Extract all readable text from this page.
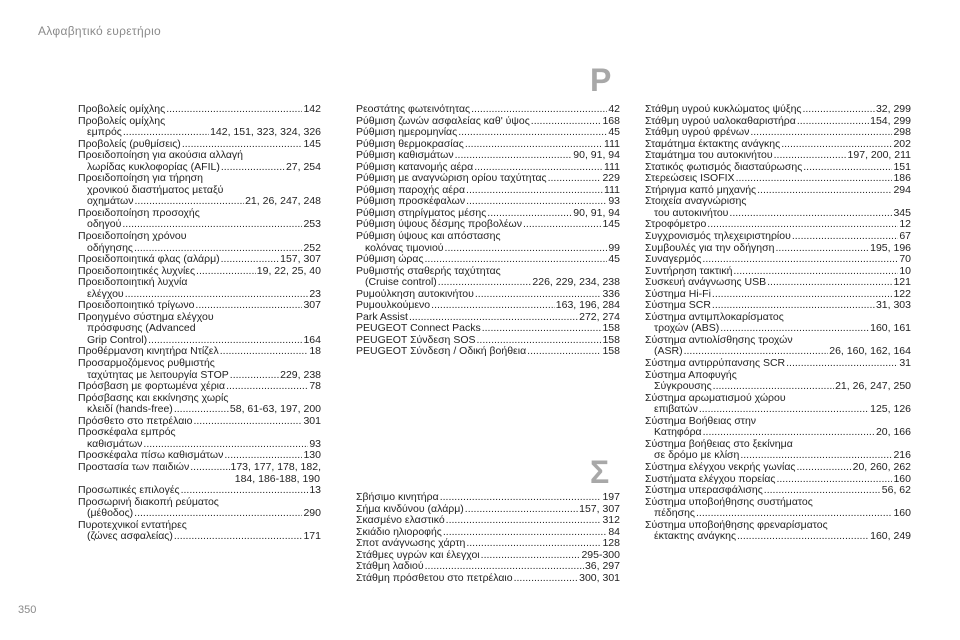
Αλφαβητικό ευρετήριο
P
Σ
Προβολείς ομίχλης .....	142
Προβολείς ομίχλης
εμπρός .....	142, 151, 323, 324, 326
Προβολείς (ρυθμίσεις) .....	145
Προειδοποίηση για ακούσια αλλαγή
λωρίδας κυκλοφορίας (AFIL) .....	27, 254
Προειδοποίηση για τήρηση
χρονικού διαστήματος μεταξύ
οχημάτων .....	21, 26, 247, 248
Προειδοποίηση προσοχής
οδηγού .....	253
Προειδοποίηση χρόνου
οδήγησης .....	252
Προειδοποιητικά φλας (αλάρμ) .....	157, 307
Προειδοποιητικές λυχνίες .....	19, 22, 25, 40
Προειδοποιητική λυχνία
ελέγχου .....	23
Προειδοποιητικό τρίγωνο .....	307
Προηγμένο σύστημα ελέγχου
πρόσφυσης (Advanced
Grip Control) .....	164
Προθέρμανση κινητήρα Ντίζελ .....	18
Προσαρμοζόμενος ρυθμιστής
ταχύτητας με λειτουργία STOP .....	229, 238
Πρόσβαση με φορτωμένα χέρια .....	78
Πρόσβασης και εκκίνησης χωρίς
κλειδί (hands-free) .....	58, 61-63, 197, 200
Πρόσθετο στο πετρέλαιο .....	301
Προσκέφαλα εμπρός
καθισμάτων .....	93
Προσκέφαλα πίσω καθισμάτων .....	130
Προστασία των παιδιών .....	173, 177, 178, 182,
184, 186-188, 190
Προσωπικές επιλογές .....	13
Προσωρινή διακοπή ρεύματος
(μέθοδος) .....	290
Πυροτεχνικοί εντατήρες
(ζώνες ασφαλείας) .....	171
Ρεοστάτης φωτεινότητας .....	42
Ρύθμιση ζωνών ασφαλείας καθ' ύψος .....	168
Ρύθμιση ημερομηνίας .....	45
Ρύθμιση θερμοκρασίας .....	111
Ρύθμιση καθισμάτων .....	90, 91, 94
Ρύθμιση κατανομής αέρα .....	111
Ρύθμιση με αναγνώριση ορίου ταχύτητας .....	229
Ρύθμιση παροχής αέρα .....	111
Ρύθμιση προσκέφαλων .....	93
Ρύθμιση στηρίγματος μέσης .....	90, 91, 94
Ρύθμιση ύψους δέσμης προβολέων .....	145
Ρύθμιση ύψους και απόστασης
κολόνας τιμονιού .....	99
Ρύθμιση ώρας .....	45
Ρυθμιστής σταθερής ταχύτητας
(Cruise control) .....	226, 229, 234, 238
Ρυμούλκηση αυτοκινήτου .....	336
Ρυμουλκούμενο .....	163, 196, 284
Park Assist .....	272, 274
PEUGEOT Connect Packs .....	158
PEUGEOT Σύνδεση SOS .....	158
PEUGEOT Σύνδεση / Οδική βοήθεια .....	158
Σβήσιμο κινητήρα .....	197
Σήμα κινδύνου (αλάρμ) .....	157, 307
Σκασμένο ελαστικό .....	312
Σκιάδιο ηλιοροφής .....	84
Σποτ ανάγνωσης χάρτη .....	128
Στάθμες υγρών και έλεγχοι .....	295-300
Στάθμη λαδιού .....	36, 297
Στάθμη πρόσθετου στο πετρέλαιο .....	300, 301
Στάθμη υγρού κυκλώματος ψύξης .....	32, 299
Στάθμη υγρού υαλοκαθαριστήρα .....	154, 299
Στάθμη υγρού φρένων .....	298
Σταμάτημα έκτακτης ανάγκης .....	202
Σταμάτημα του αυτοκινήτου .....	197, 200, 211
Στατικός φωτισμός διασταύρωσης .....	151
Στερεώσεις ISOFIX .....	186
Στήριγμα καπό μηχανής .....	294
Στοιχεία αναγνώρισης
του αυτοκινήτου .....	345
Στροφόμετρο .....	12
Συγχρονισμός τηλεχειριστηρίου .....	67
Συμβουλές για την οδήγηση .....	195, 196
Συναγερμός .....	70
Συντήρηση τακτική .....	10
Συσκευή ανάγνωσης USB .....	121
Σύστημα Hi-Fi .....	122
Σύστημα SCR .....	31, 303
Σύστημα αντιμπλοκαρίσματος
τροχών (ABS) .....	160, 161
Σύστημα αντιολίσθησης τροχών
(ASR) .....	26, 160, 162, 164
Σύστημα αντιρρύπανσης SCR .....	31
Σύστημα Αποφυγής
Σύγκρουσης .....	21, 26, 247, 250
Σύστημα αρωματισμού χώρου
επιβατών .....	125, 126
Σύστημα Βοήθειας στην
Κατηφόρα .....	20, 166
Σύστημα βοήθειας στο ξεκίνημα
σε δρόμο με κλίση .....	216
Σύστημα ελέγχου νεκρής γωνίας .....	20, 260, 262
Συστήματα ελέγχου πορείας .....	160
Σύστημα υπερασφάλισης .....	56, 62
Σύστημα υποβοήθησης συστήματος
πέδησης .....	160
Σύστημα υποβοήθησης φρεναρίσματος
έκτακτης ανάγκης .....	160, 249
350
